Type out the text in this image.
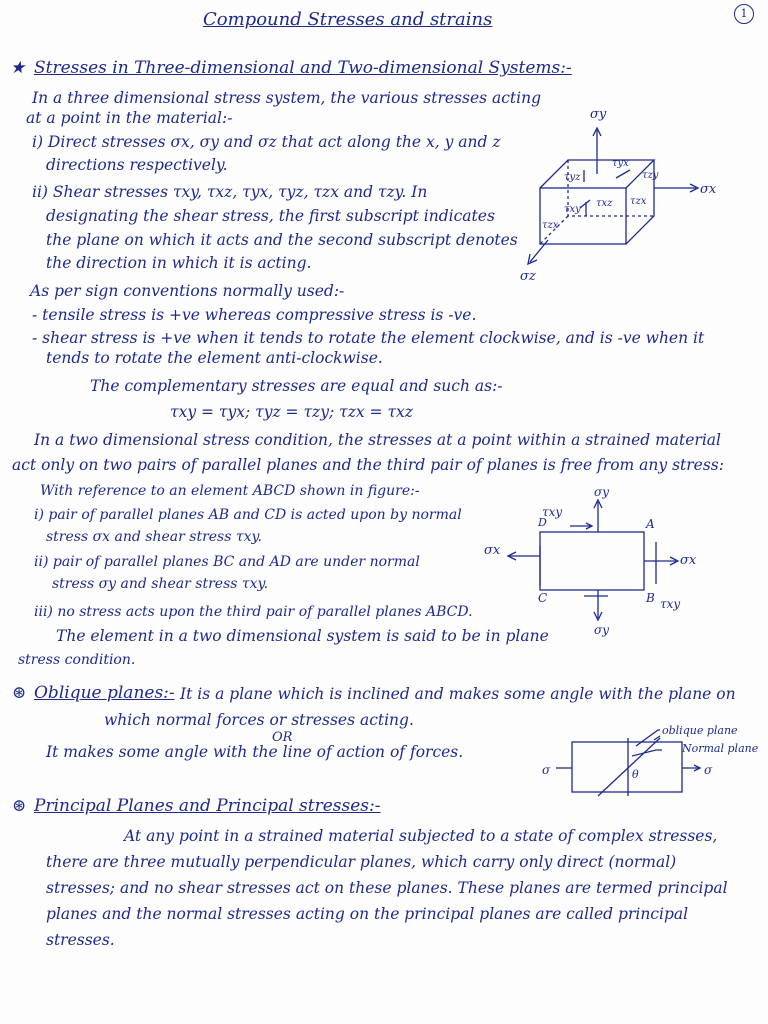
1
Compound Stresses and strains
★ Stresses in Three-dimensional and Two-dimensional Systems:-
In a three dimensional stress system, the various stresses acting
at a point in the material:-
i) Direct stresses σx, σy and σz that act along the x, y and z
directions respectively.
ii) Shear stresses τxy, τxz, τyx, τyz, τzx and τzy. In
designating the shear stress, the first subscript indicates
the plane on which it acts and the second subscript denotes
the direction in which it is acting.
As per sign conventions normally used:-
- tensile stress is +ve whereas compressive stress is -ve.
- shear stress is +ve when it tends to rotate the element clockwise, and is -ve when it
tends to rotate the element anti-clockwise.
The complementary stresses are equal and such as:-
τxy = τyx; τyz = τzy; τzx = τxz
In a two dimensional stress condition, the stresses at a point within a strained material
act only on two pairs of parallel planes and the third pair of planes is free from any stress:
With reference to an element ABCD shown in figure:-
i) pair of parallel planes AB and CD is acted upon by normal
stress σx and shear stress τxy.
ii) pair of parallel planes BC and AD are under normal
stress σy and shear stress τxy.
iii) no stress acts upon the third pair of parallel planes ABCD.
The element in a two dimensional system is said to be in plane
stress condition.
⊛ Oblique planes:- It is a plane which is inclined and makes some angle with the plane on
which normal forces or stresses acting.
OR
It makes some angle with the line of action of forces.
⊛ Principal Planes and Principal stresses:-
At any point in a strained material subjected to a state of complex stresses,
there are three mutually perpendicular planes, which carry only direct (normal)
stresses; and no shear stresses act on these planes. These planes are termed principal
planes and the normal stresses acting on the principal planes are called principal
stresses.
σy
σx
σz
τyz
τyx
τzy
τxy
τxz τzx
τzx
τxy
D	A
C	B
σx
σx
σy
σy
τxy
oblique plane
Normal plane
σ	σ
θ
